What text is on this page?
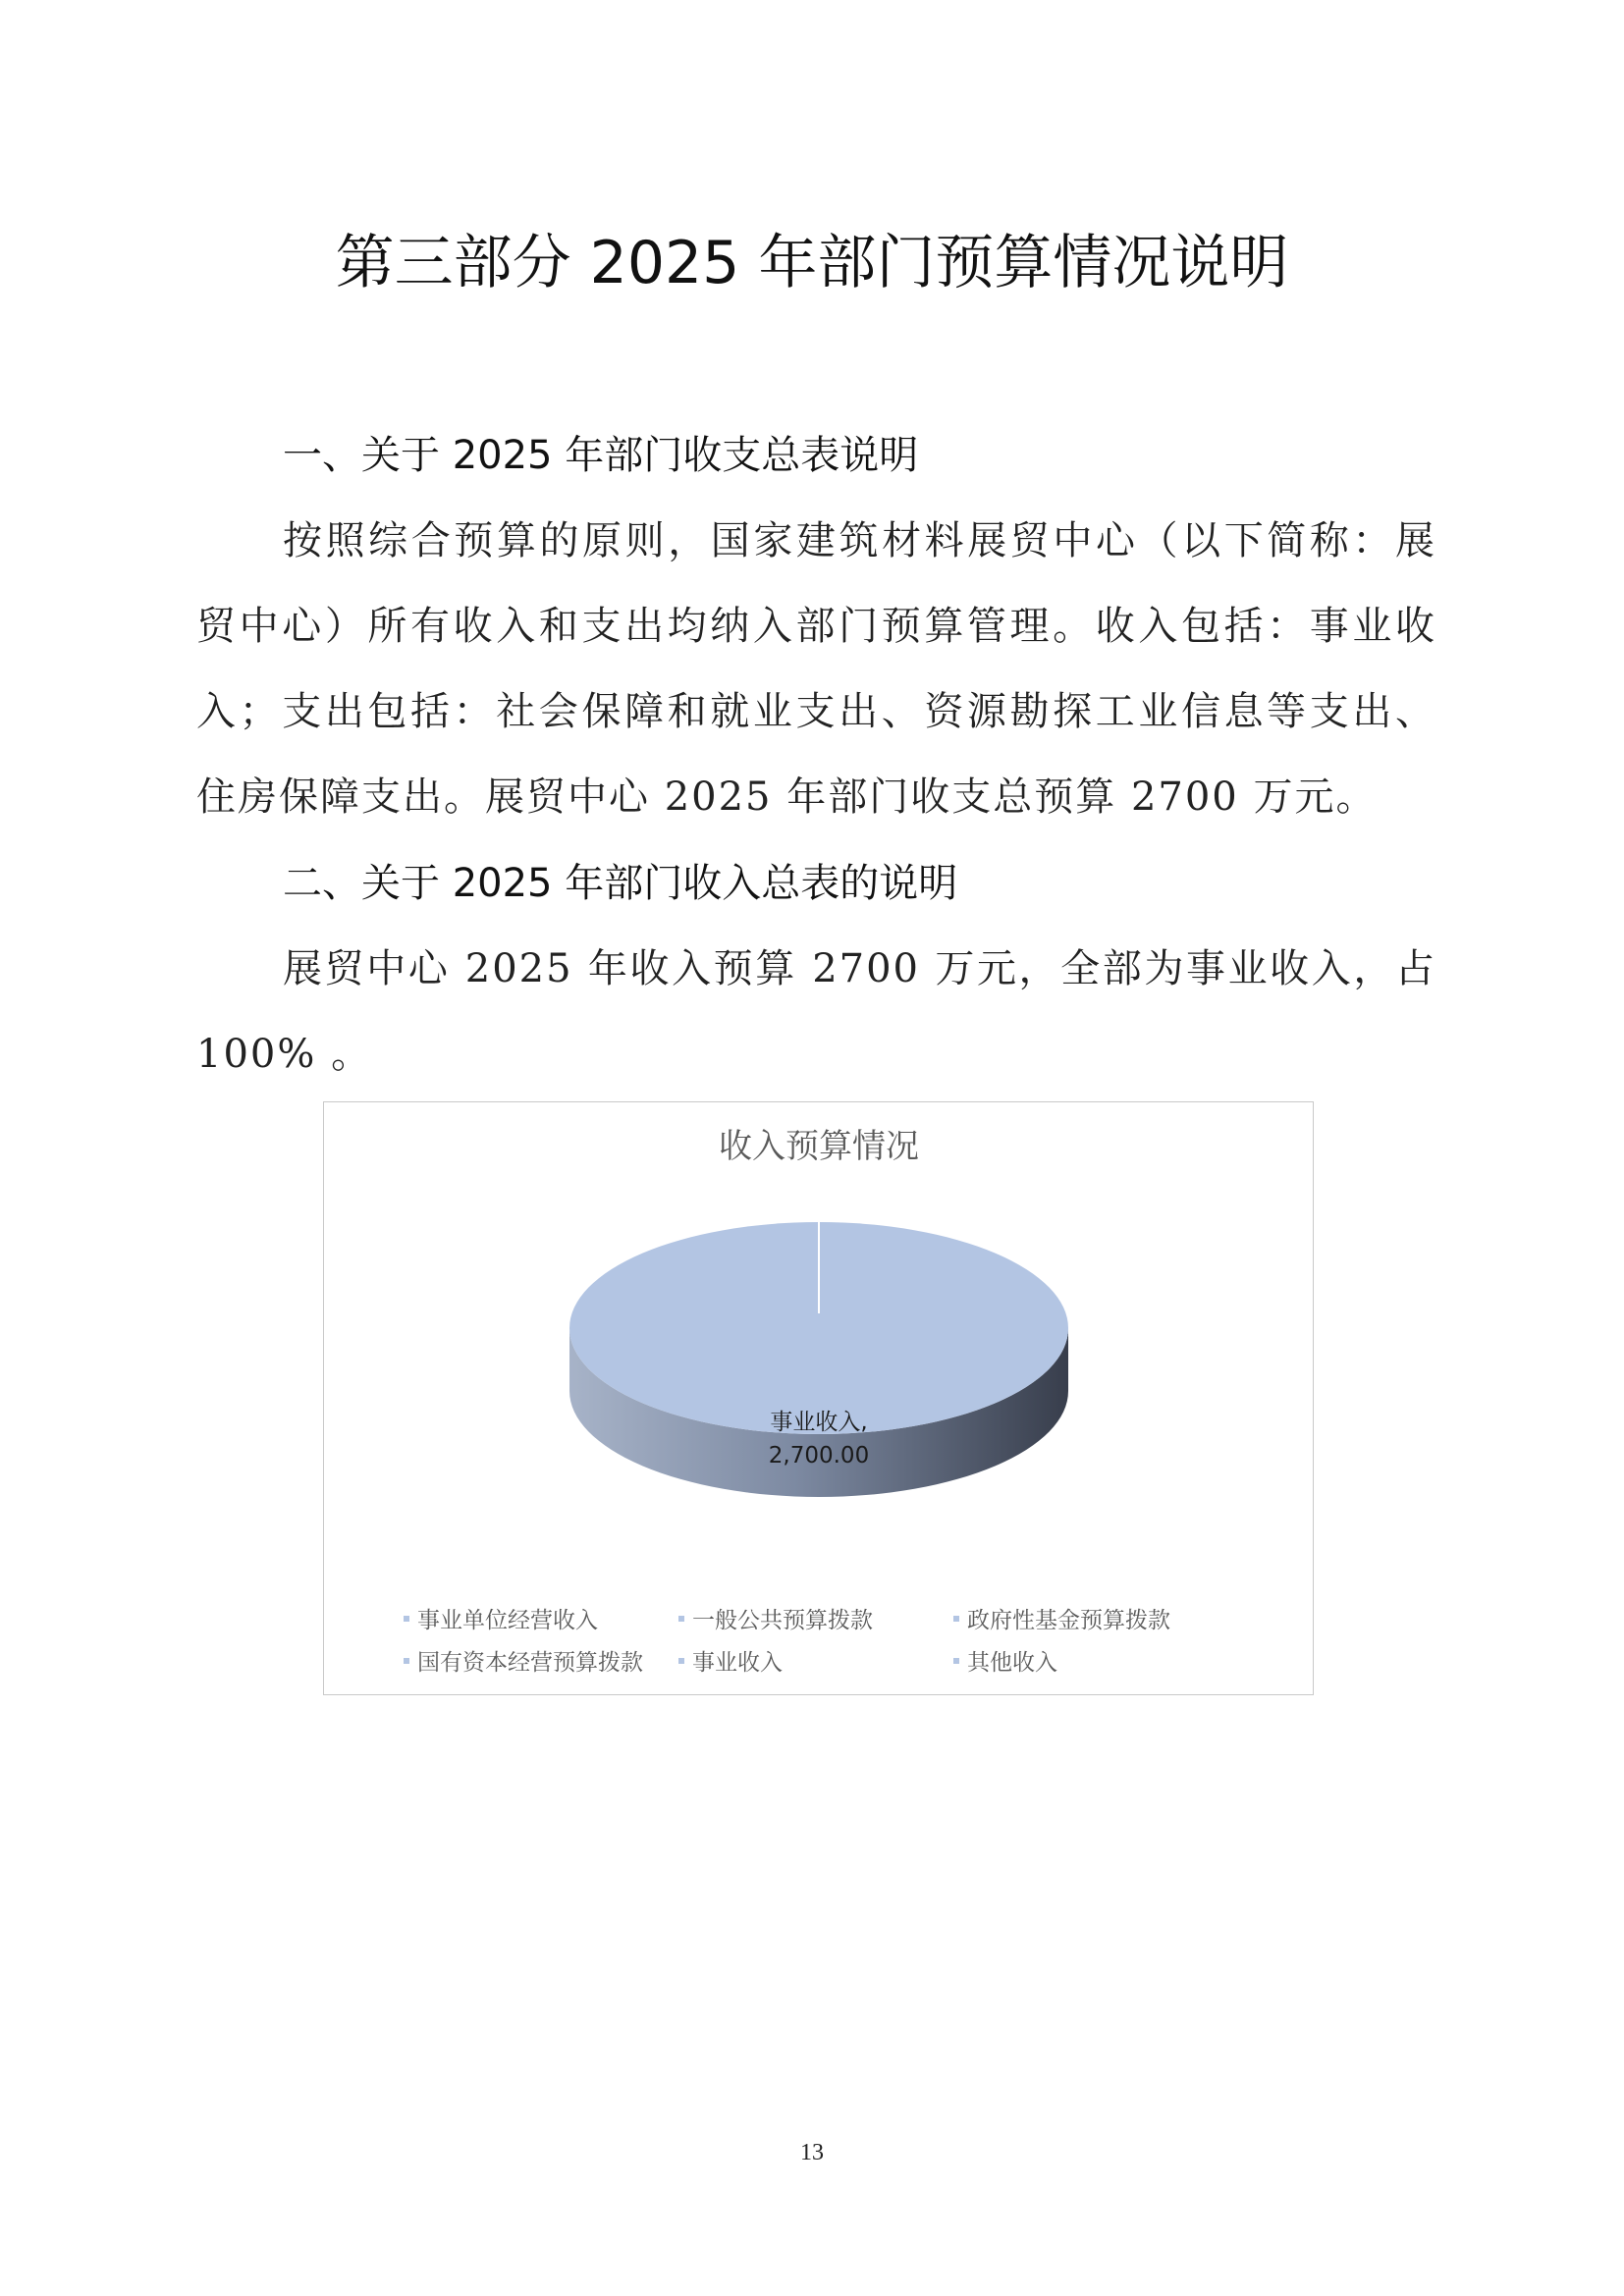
第三部分 2025 年部门预算情况说明
一、关于 2025 年部门收支总表说明
按照综合预算的原则，国家建筑材料展贸中心（以下简称：展
贸中心）所有收入和支出均纳入部门预算管理。收入包括：事业收
入；支出包括：社会保障和就业支出、资源勘探工业信息等支出、
住房保障支出。展贸中心 2025 年部门收支总预算 2700 万元。
二、关于 2025 年部门收入总表的说明
展贸中心 2025 年收入预算 2700 万元，全部为事业收入，占
100% 。
收入预算情况
事业收入,
2,700.00
事业单位经营收入	一般公共预算拨款	政府性基金预算拨款
国有资本经营预算拨款 事业收入	其他收入
13
